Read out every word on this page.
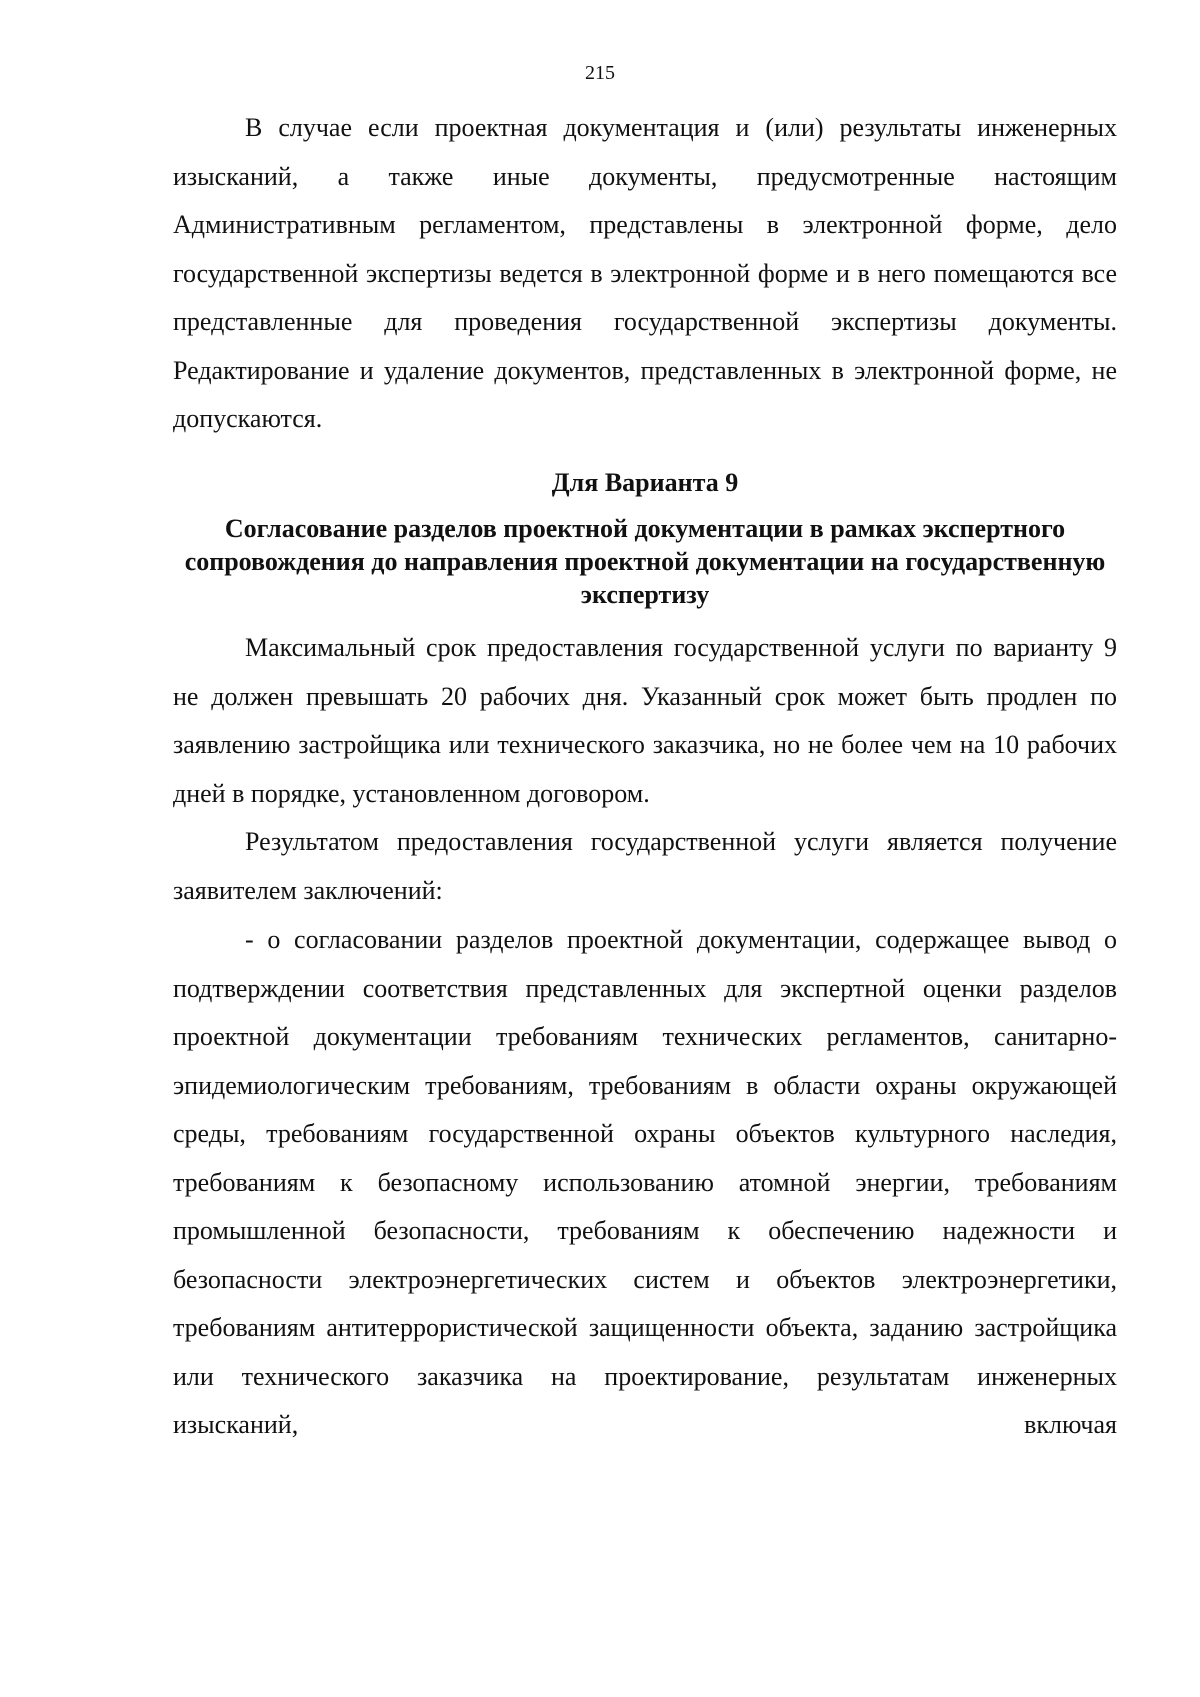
215

В случае если проектная документация и (или) результаты инженерных изысканий, а также иные документы, предусмотренные настоящим Административным регламентом, представлены в электронной форме, дело государственной экспертизы ведется в электронной форме и в него помещаются все представленные для проведения государственной экспертизы документы. Редактирование и удаление документов, представленных в электронной форме, не допускаются.

Для Варианта 9
Согласование разделов проектной документации в рамках экспертного сопровождения до направления проектной документации на государственную экспертизу

Максимальный срок предоставления государственной услуги по варианту 9 не должен превышать 20 рабочих дня. Указанный срок может быть продлен по заявлению застройщика или технического заказчика, но не более чем на 10 рабочих дней в порядке, установленном договором.

Результатом предоставления государственной услуги является получение заявителем заключений:

- о согласовании разделов проектной документации, содержащее вывод о подтверждении соответствия представленных для экспертной оценки разделов проектной документации требованиям технических регламентов, санитарно-эпидемиологическим требованиям, требованиям в области охраны окружающей среды, требованиям государственной охраны объектов культурного наследия, требованиям к безопасному использованию атомной энергии, требованиям промышленной безопасности, требованиям к обеспечению надежности и безопасности электроэнергетических систем и объектов электроэнергетики, требованиям антитеррористической защищенности объекта, заданию застройщика или технического заказчика на проектирование, результатам инженерных изысканий, включая
